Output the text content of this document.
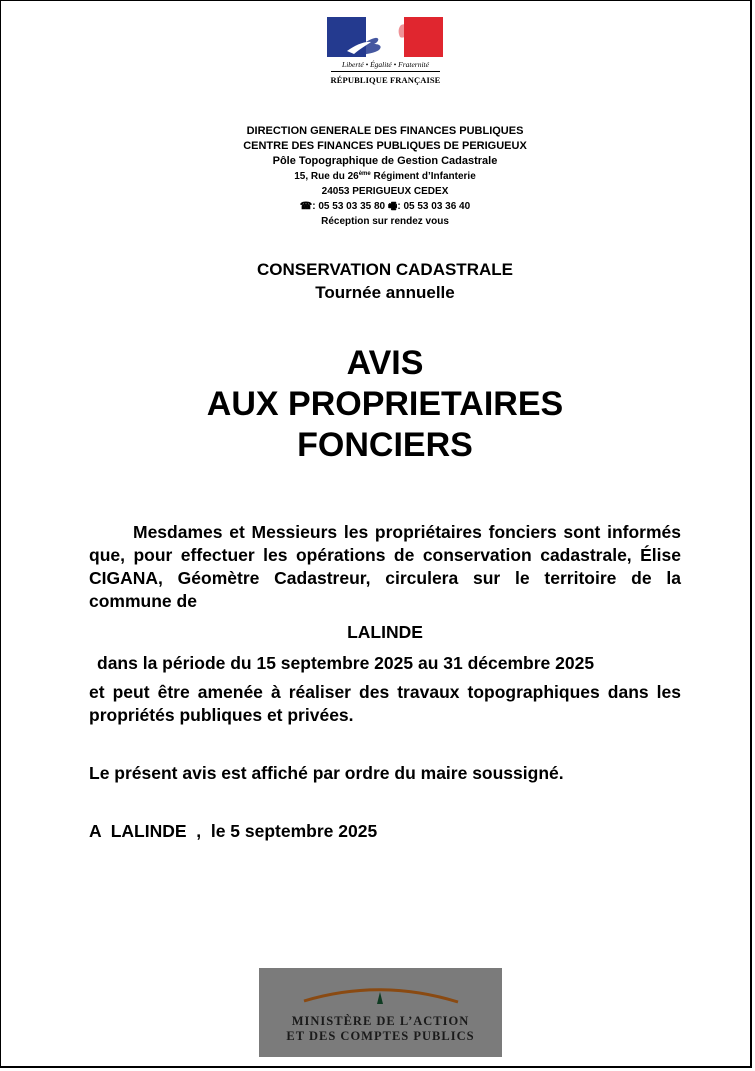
Liberté • Égalité • Fraternité
RÉPUBLIQUE FRANÇAISE
DIRECTION GENERALE DES FINANCES PUBLIQUES
CENTRE DES FINANCES PUBLIQUES DE PERIGUEUX
Pôle Topographique de Gestion Cadastrale
15, Rue du 26ème Régiment d’Infanterie
24053 PERIGUEUX CEDEX
☎: 05 53 03 35 80 🖷: 05 53 03 36 40
Réception sur rendez vous
CONSERVATION CADASTRALE
Tournée annuelle
AVIS
AUX PROPRIETAIRES
FONCIERS
Mesdames et Messieurs les propriétaires fonciers sont informés que, pour effectuer les opérations de conservation cadastrale, Élise CIGANA, Géomètre Cadastreur, circulera sur le territoire de la commune de
LALINDE
dans la période du 15 septembre 2025 au 31 décembre 2025
et peut être amenée à réaliser des travaux topographiques dans les propriétés publiques et privées.
Le présent avis est affiché par ordre du maire soussigné.
A  LALINDE  ,  le 5 septembre 2025
MINISTÈRE DE L’ACTION
ET DES COMPTES PUBLICS
